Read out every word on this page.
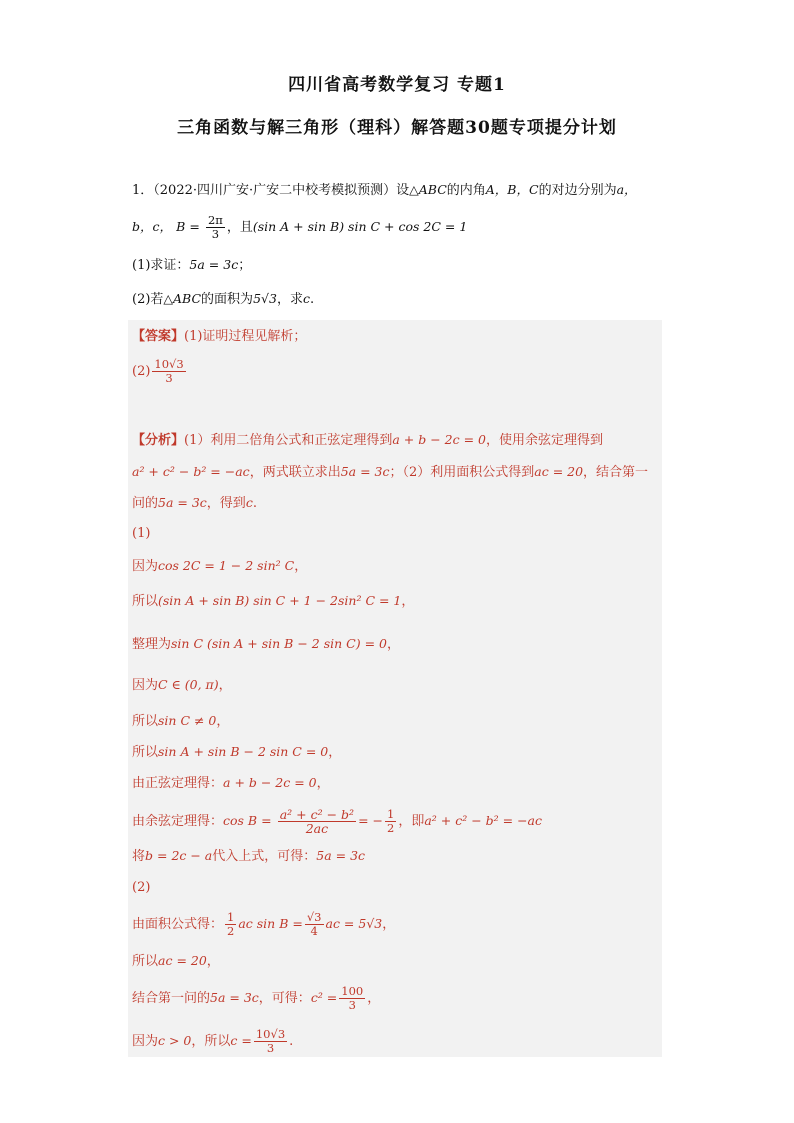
四川省高考数学复习 专题1
三角函数与解三角形（理科）解答题30题专项提分计划
1．（2022·四川广安·广安二中校考模拟预测）设△ABC的内角A，B，C的对边分别为a，
b，c， $B = \frac{2\pi}{3}$ ，且(sin A + sin B) sin C + cos 2C = 1
(1)求证：5a = 3c；
(2)若△ABC的面积为5√3，求c.
【答案】(1)证明过程见解析；
$(2) \frac{10√3}{3}$
【分析】(1）利用二倍角公式和正弦定理得到a + b − 2c = 0，使用余弦定理得到
a² + c² − b² = −ac，两式联立求出5a = 3c；（2）利用面积公式得到ac = 20，结合第一
问的5a = 3c，得到c.
(1)
因为cos 2C = 1 − 2 sin² C，
所以(sin A + sin B) sin C + 1 − 2sin² C = 1，
整理为sin C (sin A + sin B − 2 sin C) = 0，
因为C ∈ (0, π)，
所以sin C ≠ 0，
所以sin A + sin B − 2 sin C = 0，
由正弦定理得：a + b − 2c = 0，
由余弦定理得：$\cos B = \frac{\text{a² + c² − b²}}{2ac}$ = − $\frac{1}{2}$ ，即a² + c² − b² = −ac
将b = 2c − a代入上式，可得：5a = 3c
(2)
由面积公式得： $\frac{1}{2}$ ac $\sin B = \frac{√3}{4}$ ac = 5√3，
所以ac = 20，
结合第一问的5a = 3c，可得：$c^2 = \frac{100}{3}$ ，
因为c > 0，所以$c = \frac{10√3}{3}$ .
